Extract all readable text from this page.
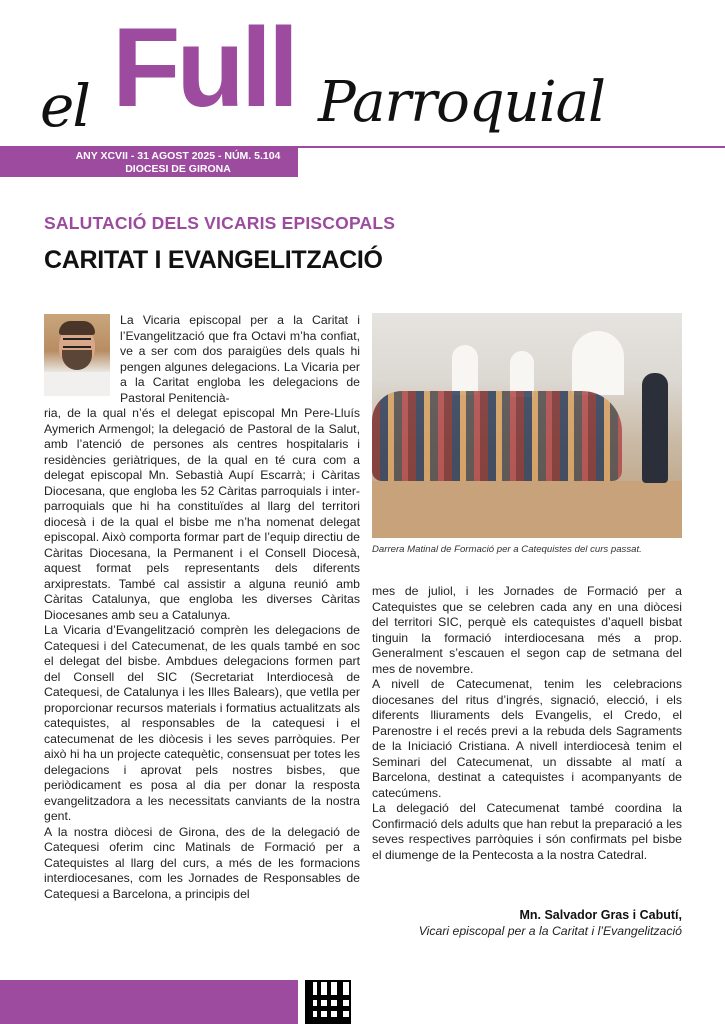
el Full Parroquial
ANY XCVII - 31 AGOST 2025 - NÚM. 5.104
DIOCESI DE GIRONA
SALUTACIÓ DELS VICARIS EPISCOPALS
CARITAT I EVANGELITZACIÓ

La Vicaria episcopal per a la Caritat i l’Evangelització que fra Octavi m’ha confiat, ve a ser com dos paraigües dels quals hi pengen algunes delegacions. La Vicaria per a la Caritat engloba les delegacions de Pastoral Penitencià-

ria, de la qual n’és el delegat episcopal Mn Pere-Lluís Aymerich Armengol; la delegació de Pastoral de la Salut, amb l’atenció de persones als centres hospitalaris i residències geriàtriques, de la qual en té cura com a delegat episcopal Mn. Sebastià Aupí Escarrà; i Càritas Diocesana, que engloba les 52 Càritas parroquials i inter-parroquials que hi ha constituïdes al llarg del territori diocesà i de la qual el bisbe me n’ha nomenat delegat episcopal. Això comporta formar part de l’equip directiu de Càritas Diocesana, la Permanent i el Consell Diocesà, aquest format pels representants dels diferents arxiprestats. També cal assistir a alguna reunió amb Càritas Catalunya, que engloba les diverses Càritas Diocesanes amb seu a Catalunya.

La Vicaria d’Evangelització comprèn les delegacions de Catequesi i del Catecumenat, de les quals també en soc el delegat del bisbe. Ambdues delegacions formen part del Consell del SIC (Secretariat Interdiocesà de Catequesi, de Catalunya i les Illes Balears), que vetlla per proporcionar recursos materials i formatius actualitzats als catequistes, al responsables de la catequesi i el catecumenat de les diòcesis i les seves parròquies. Per això hi ha un projecte catequètic, consensuat per totes les delegacions i aprovat pels nostres bisbes, que periòdicament es posa al dia per donar la resposta evangelitzadora a les necessitats canviants de la nostra gent.

A la nostra diòcesi de Girona, des de la delegació de Catequesi oferim cinc Matinals de Formació per a Catequistes al llarg del curs, a més de les formacions interdiocesanes, com les Jornades de Responsables de Catequesi a Barcelona, a principis del

Darrera Matinal de Formació per a Catequistes del curs passat.

mes de juliol, i les Jornades de Formació per a Catequistes que se celebren cada any en una diòcesi del territori SIC, perquè els catequistes d’aquell bisbat tinguin la formació interdiocesana més a prop. Generalment s’escauen el segon cap de setmana del mes de novembre.

A nivell de Catecumenat, tenim les celebracions diocesanes del ritus d’ingrés, signació, elecció, i els diferents lliuraments dels Evangelis, el Credo, el Parenostre i el recés previ a la rebuda dels Sagraments de la Iniciació Cristiana. A nivell interdiocesà tenim el Seminari del Catecumenat, un dissabte al matí a Barcelona, destinat a catequistes i acompanyants de catecúmens.

La delegació del Catecumenat també coordina la Confirmació dels adults que han rebut la preparació a les seves respectives parròquies i són confirmats pel bisbe el diumenge de la Pentecosta a la nostra Catedral.

Mn. Salvador Gras i Cabutí,
Vicari episcopal per a la Caritat i l’Evangelització
